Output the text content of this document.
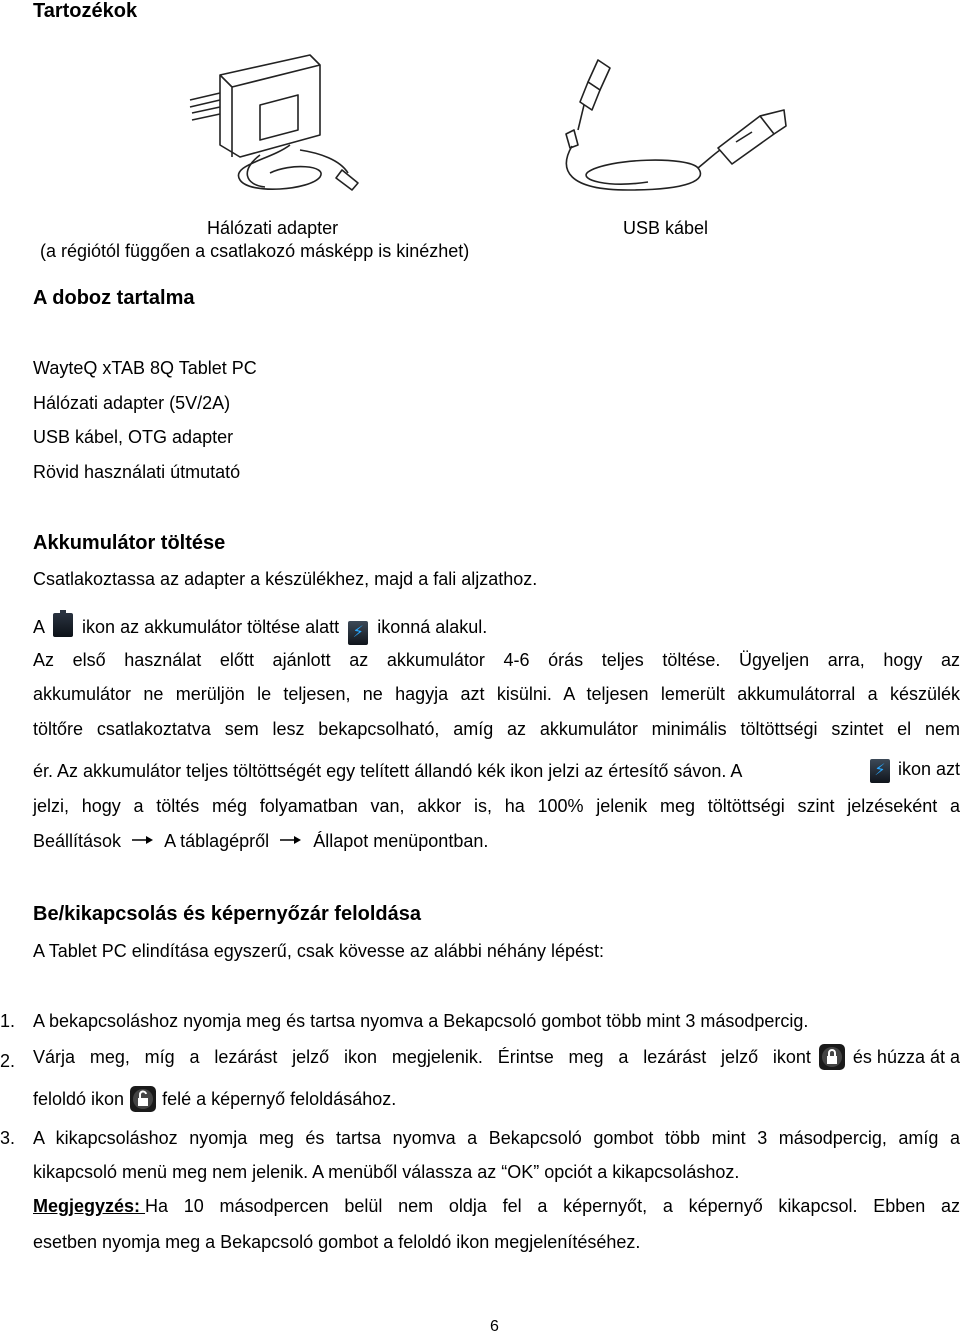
Tartozékok
Hálózati adapter
(a régiótól függően a csatlakozó másképp is kinézhet)
USB kábel
A doboz tartalma
WayteQ xTAB 8Q Tablet PC
Hálózati adapter (5V/2A)
USB kábel, OTG adapter
Rövid használati útmutató
Akkumulátor töltése
Csatlakoztassa az adapter a készülékhez, majd a fali aljzathoz.
A ikon az akkumulátor töltése alatt ⚡ ikonná alakul.
Az első használat előtt ajánlott az akkumulátor 4-6 órás teljes töltése. Ügyeljen arra, hogy az
akkumulátor ne merüljön le teljesen, ne hagyja azt kisülni. A teljesen lemerült akkumulátorral a készülék
töltőre csatlakoztatva sem lesz bekapcsolható, amíg az akkumulátor minimális töltöttségi szintet el nem
ér. Az akkumulátor teljes töltöttségét egy telített állandó kék ikon jelzi az értesítő sávon. A	⚡ ikon azt
jelzi, hogy a töltés még folyamatban van, akkor is, ha 100% jelenik meg töltöttségi szint jelzéseként a
Beállítások A táblagépről Állapot menüpontban.
Be/kikapcsolás és képernyőzár feloldása
A Tablet PC elindítása egyszerű, csak kövesse az alábbi néhány lépést:
1. A bekapcsoláshoz nyomja meg és tartsa nyomva a Bekapcsoló gombot több mint 3 másodpercig.
2. Várja meg, míg a lezárást jelző ikon megjelenik. Érintse meg a lezárást jelző ikont és húzza át a
feloldó ikon felé a képernyő feloldásához.
3. A kikapcsoláshoz nyomja meg és tartsa nyomva a Bekapcsoló gombot több mint 3 másodpercig, amíg a
kikapcsoló menü meg nem jelenik. A menüből válassza az “OK” opciót a kikapcsoláshoz.
Megjegyzés: Ha 10 másodpercen belül nem oldja fel a képernyőt, a képernyő kikapcsol. Ebben az
esetben nyomja meg a Bekapcsoló gombot a feloldó ikon megjelenítéséhez.
6
